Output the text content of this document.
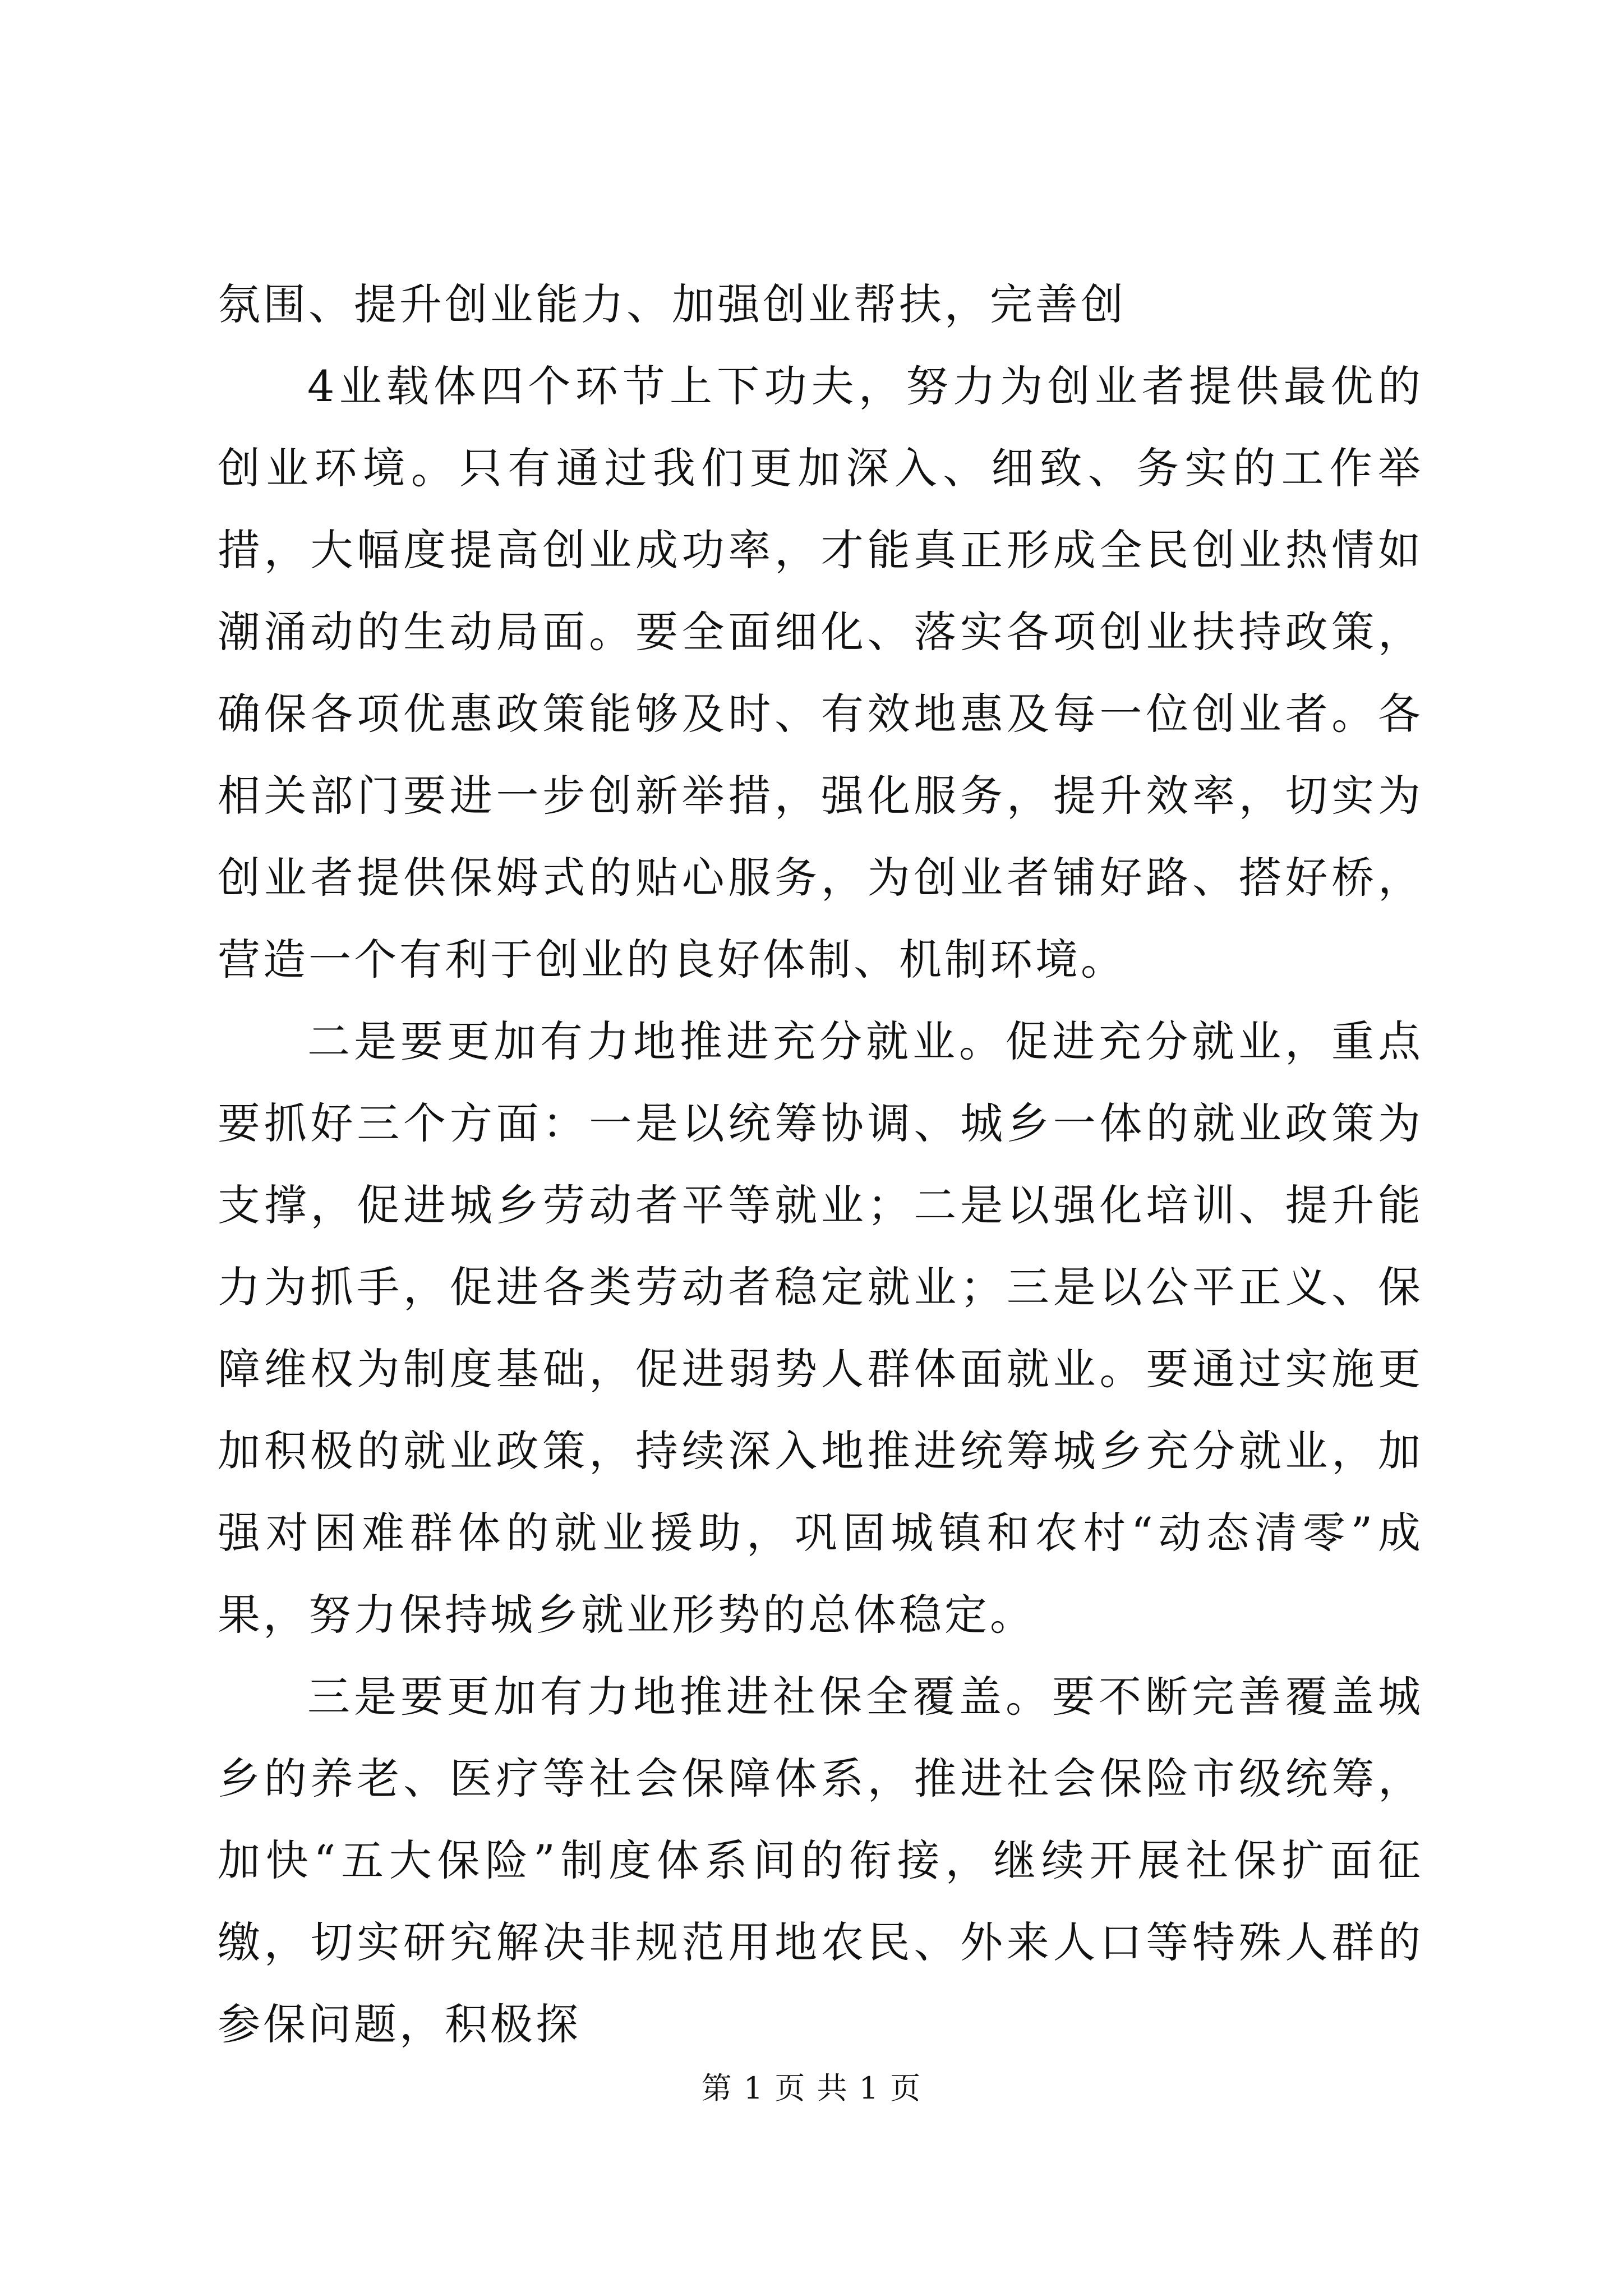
氛围、提升创业能力、加强创业帮扶，完善创

4业载体四个环节上下功夫，努力为创业者提供最优的创业环境。只有通过我们更加深入、细致、务实的工作举措，大幅度提高创业成功率，才能真正形成全民创业热情如潮涌动的生动局面。要全面细化、落实各项创业扶持政策，确保各项优惠政策能够及时、有效地惠及每一位创业者。各相关部门要进一步创新举措，强化服务，提升效率，切实为创业者提供保姆式的贴心服务，为创业者铺好路、搭好桥，营造一个有利于创业的良好体制、机制环境。

二是要更加有力地推进充分就业。促进充分就业，重点要抓好三个方面：一是以统筹协调、城乡一体的就业政策为支撑，促进城乡劳动者平等就业；二是以强化培训、提升能力为抓手，促进各类劳动者稳定就业；三是以公平正义、保障维权为制度基础，促进弱势人群体面就业。要通过实施更加积极的就业政策，持续深入地推进统筹城乡充分就业，加强对困难群体的就业援助，巩固城镇和农村“动态清零”成果，努力保持城乡就业形势的总体稳定。

三是要更加有力地推进社保全覆盖。要不断完善覆盖城乡的养老、医疗等社会保障体系，推进社会保险市级统筹，加快“五大保险”制度体系间的衔接，继续开展社保扩面征缴，切实研究解决非规范用地农民、外来人口等特殊人群的参保问题，积极探

第 1 页 共 1 页
